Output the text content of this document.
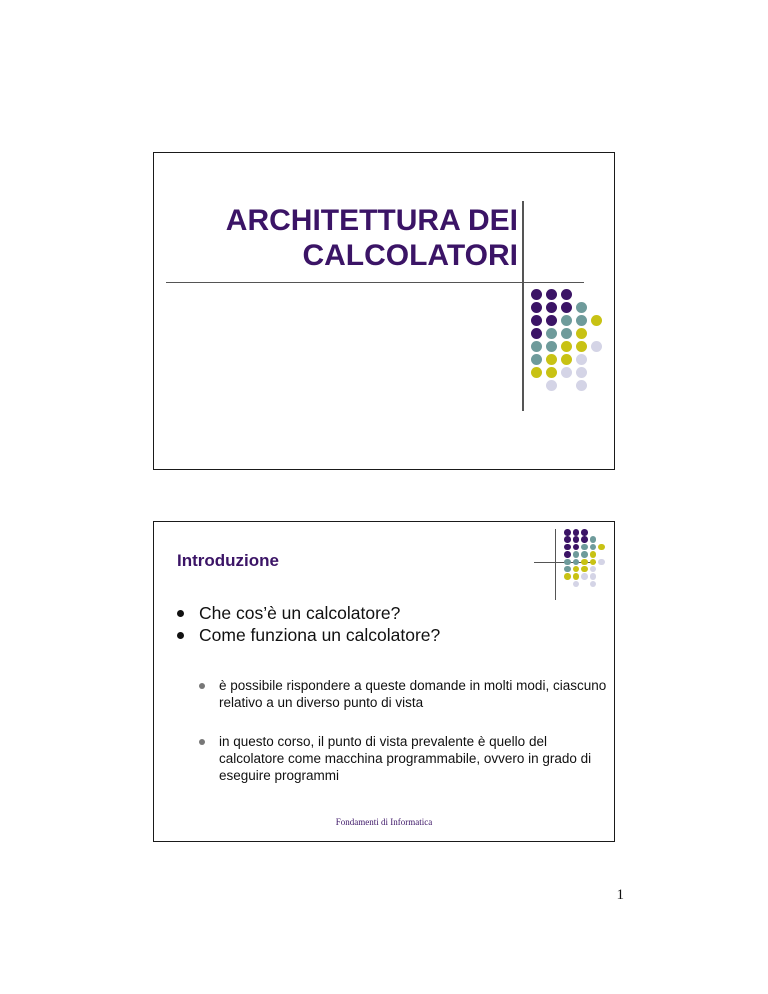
ARCHITETTURA DEI
CALCOLATORI
Introduzione
Che cos’è un calcolatore?
Come funziona un calcolatore?
è possibile rispondere a queste domande in molti modi, ciascuno relativo a un diverso punto di vista
in questo corso, il punto di vista prevalente è quello del calcolatore come macchina programmabile, ovvero in grado di eseguire programmi
Fondamenti di Informatica
1
